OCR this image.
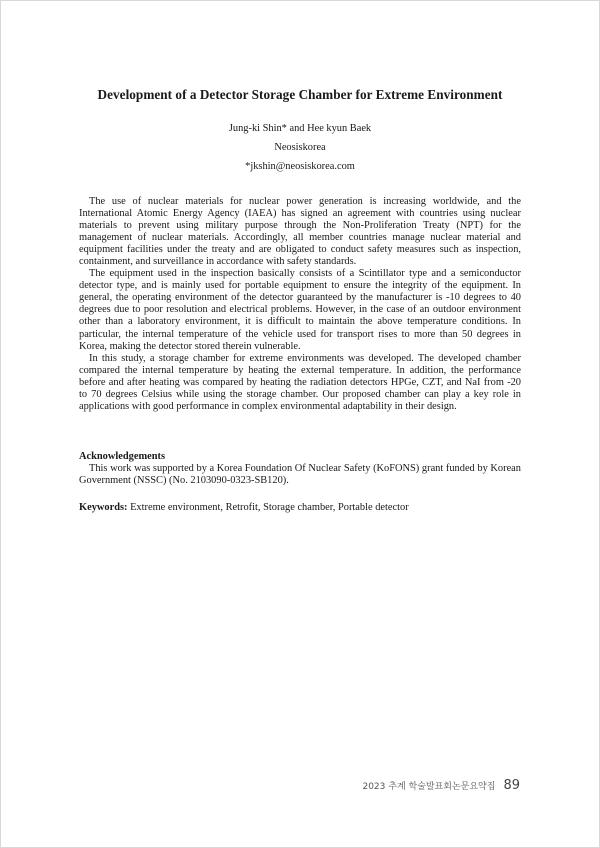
Development of a Detector Storage Chamber for Extreme Environment
Jung-ki Shin* and Hee kyun Baek
Neosiskorea
*jkshin@neosiskorea.com

The use of nuclear materials for nuclear power generation is increasing worldwide, and the International Atomic Energy Agency (IAEA) has signed an agreement with countries using nuclear materials to prevent using military purpose through the Non-Proliferation Treaty (NPT) for the management of nuclear materials. Accordingly, all member countries manage nuclear material and equipment facilities under the treaty and are obligated to conduct safety measures such as inspection, containment, and surveillance in accordance with safety standards.

The equipment used in the inspection basically consists of a Scintillator type and a semiconductor detector type, and is mainly used for portable equipment to ensure the integrity of the equipment. In general, the operating environment of the detector guaranteed by the manufacturer is -10 degrees to 40 degrees due to poor resolution and electrical problems. However, in the case of an outdoor environment other than a laboratory environment, it is difficult to maintain the above temperature conditions. In particular, the internal temperature of the vehicle used for transport rises to more than 50 degrees in Korea, making the detector stored therein vulnerable.

In this study, a storage chamber for extreme environments was developed. The developed chamber compared the internal temperature by heating the external temperature. In addition, the performance before and after heating was compared by heating the radiation detectors HPGe, CZT, and NaI from -20 to 70 degrees Celsius while using the storage chamber. Our proposed chamber can play a key role in applications with good performance in complex environmental adaptability in their design.

Acknowledgements

This work was supported by a Korea Foundation Of Nuclear Safety (KoFONS) grant funded by Korean Government (NSSC) (No. 2103090-0323-SB120).

Keywords: Extreme environment, Retrofit, Storage chamber, Portable detector
2023 추계 학술발표회논문요약집 89
